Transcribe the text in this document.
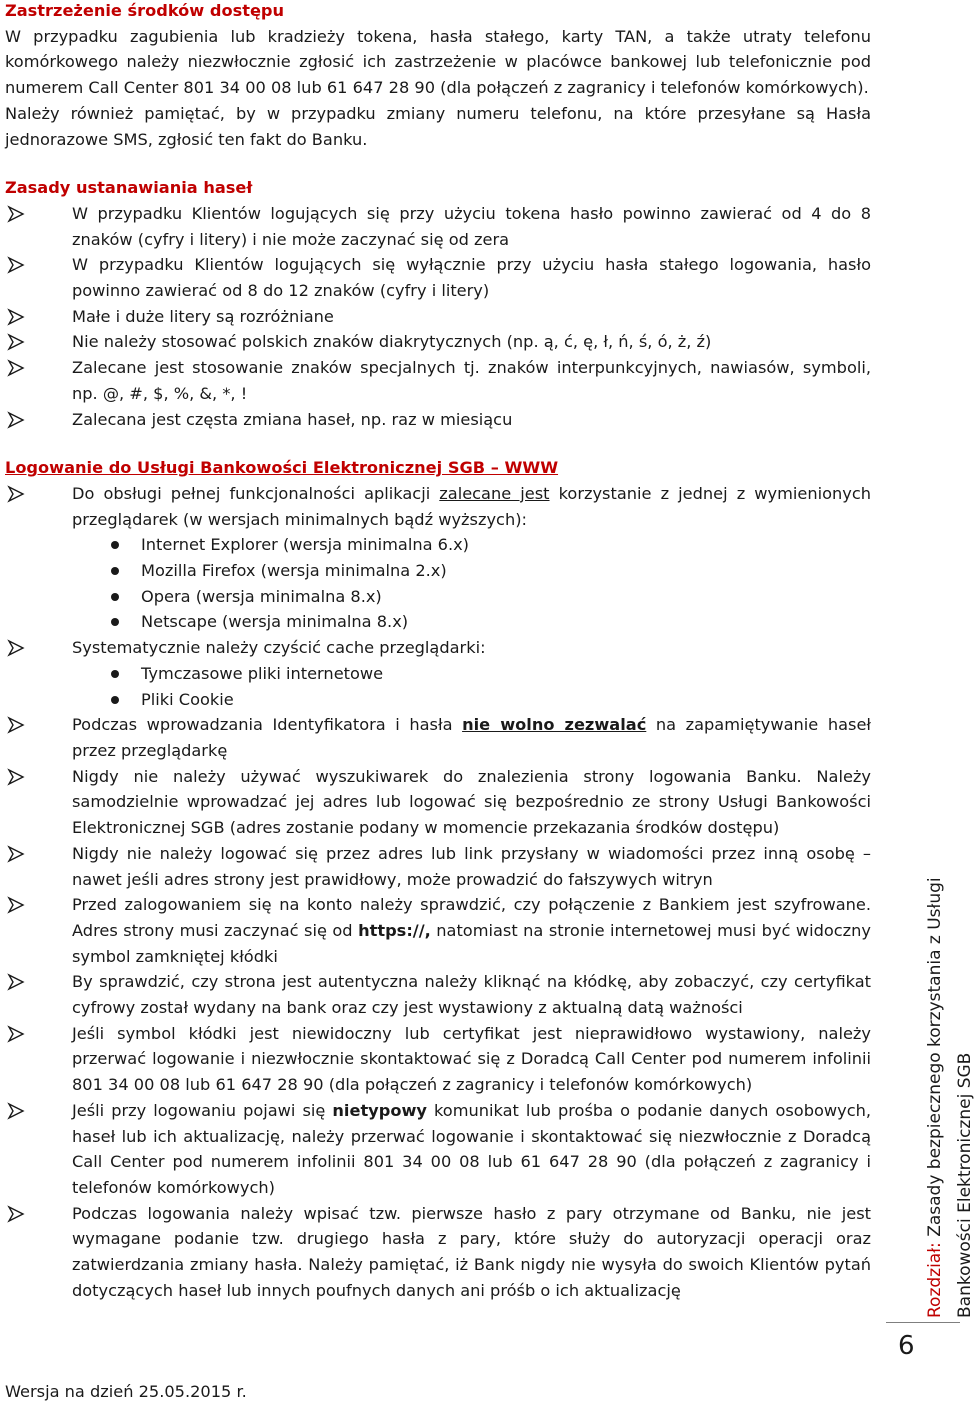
Zastrzeżenie środków dostępu

W przypadku zagubienia lub kradzieży tokena, hasła stałego, karty TAN, a także utraty telefonu komórkowego należy niezwłocznie zgłosić ich zastrzeżenie w placówce bankowej lub telefonicznie pod numerem Call Center 801 34 00 08 lub 61 647 28 90 (dla połączeń z zagranicy i telefonów komórkowych).

Należy również pamiętać, by w przypadku zmiany numeru telefonu, na które przesyłane są Hasła jednorazowe SMS, zgłosić ten fakt do Banku.

Zasady ustanawiania haseł
W przypadku Klientów logujących się przy użyciu tokena hasło powinno zawierać od 4 do 8 znaków (cyfry i litery) i nie może zaczynać się od zera
W przypadku Klientów logujących się wyłącznie przy użyciu hasła stałego logowania, hasło powinno zawierać od 8 do 12 znaków (cyfry i litery)
Małe i duże litery są rozróżniane
Nie należy stosować polskich znaków diakrytycznych (np. ą, ć, ę, ł, ń, ś, ó, ż, ź)
Zalecane jest stosowanie znaków specjalnych tj. znaków interpunkcyjnych, nawiasów, symboli, np. @, #, $, %, &, *, !
Zalecana jest częsta zmiana haseł, np. raz w miesiącu
Logowanie do Usługi Bankowości Elektronicznej SGB – WWW
Do obsługi pełnej funkcjonalności aplikacji zalecane jest korzystanie z jednej z wymienionych przeglądarek (w wersjach minimalnych bądź wyższych):
Internet Explorer (wersja minimalna 6.x)
Mozilla Firefox (wersja minimalna 2.x)
Opera (wersja minimalna 8.x)
Netscape (wersja minimalna 8.x)
Systematycznie należy czyścić cache przeglądarki:
Tymczasowe pliki internetowe
Pliki Cookie
Podczas wprowadzania Identyfikatora i hasła nie wolno zezwalać na zapamiętywanie haseł przez przeglądarkę
Nigdy nie należy używać wyszukiwarek do znalezienia strony logowania Banku. Należy samodzielnie wprowadzać jej adres lub logować się bezpośrednio ze strony Usługi Bankowości Elektronicznej SGB (adres zostanie podany w momencie przekazania środków dostępu)
Nigdy nie należy logować się przez adres lub link przysłany w wiadomości przez inną osobę – nawet jeśli adres strony jest prawidłowy, może prowadzić do fałszywych witryn
Przed zalogowaniem się na konto należy sprawdzić, czy połączenie z Bankiem jest szyfrowane. Adres strony musi zaczynać się od https://, natomiast na stronie internetowej musi być widoczny symbol zamkniętej kłódki
By sprawdzić, czy strona jest autentyczna należy kliknąć na kłódkę, aby zobaczyć, czy certyfikat cyfrowy został wydany na bank oraz czy jest wystawiony z aktualną datą ważności
Jeśli symbol kłódki jest niewidoczny lub certyfikat jest nieprawidłowo wystawiony, należy przerwać logowanie i niezwłocznie skontaktować się z Doradcą Call Center pod numerem infolinii 801 34 00 08 lub 61 647 28 90 (dla połączeń z zagranicy i telefonów komórkowych)
Jeśli przy logowaniu pojawi się nietypowy komunikat lub prośba o podanie danych osobowych, haseł lub ich aktualizację, należy przerwać logowanie i skontaktować się niezwłocznie z Doradcą Call Center pod numerem infolinii 801 34 00 08 lub 61 647 28 90 (dla połączeń z zagranicy i telefonów komórkowych)
Podczas logowania należy wpisać tzw. pierwsze hasło z pary otrzymane od Banku, nie jest wymagane podanie tzw. drugiego hasła z pary, które służy do autoryzacji operacji oraz zatwierdzania zmiany hasła. Należy pamiętać, iż Bank nigdy nie wysyła do swoich Klientów pytań dotyczących haseł lub innych poufnych danych ani próśb o ich aktualizację
Wersja na dzień 25.05.2015 r.
Rozdział: Zasady bezpiecznego korzystania z Usługi Bankowości Elektronicznej SGB
6
